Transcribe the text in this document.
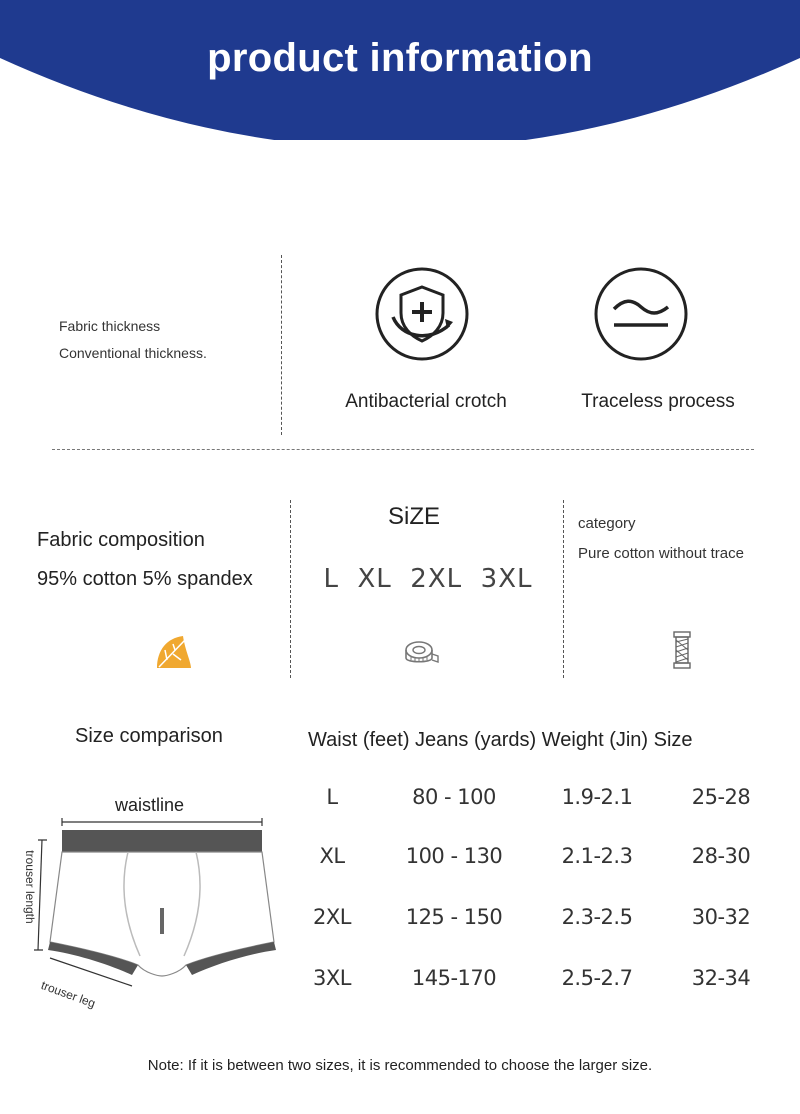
product information
Fabric thickness
Conventional thickness.
Antibacterial crotch	Traceless process
Fabric composition
95% cotton 5% spandex
SiZE
L  XL  2XL  3XL
category
Pure cotton without trace
Size comparison	Waist (feet) Jeans (yards) Weight (Jin) Size
waistline
trouser length
trouser leg
L	80 - 100	1.9-2.1	25-28
XL	100 - 130	2.1-2.3	28-30
2XL	125 - 150	2.3-2.5	30-32
3XL	145-170	2.5-2.7	32-34
Note: If it is between two sizes, it is recommended to choose the larger size.
